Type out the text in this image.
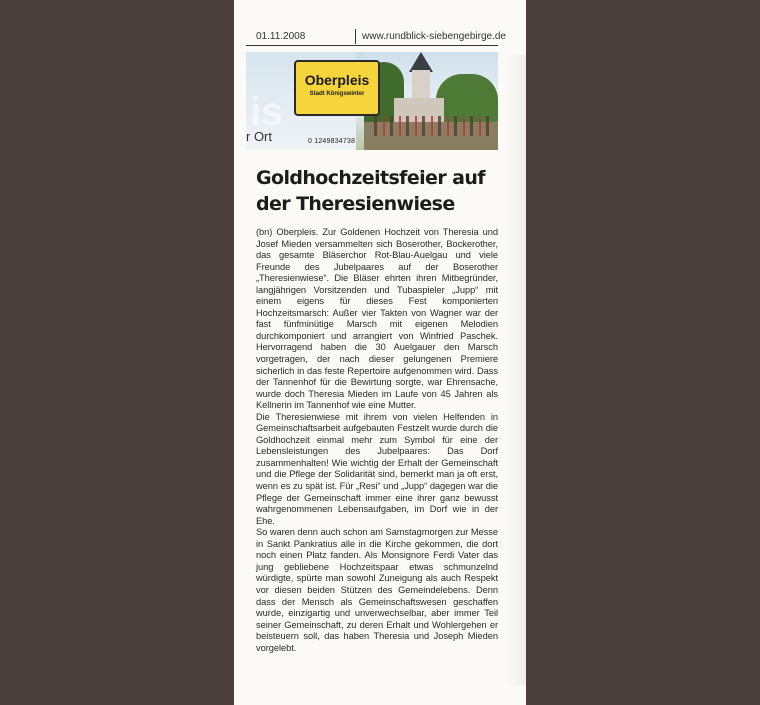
01.11.2008	www.rundblick-siebengebirge.de
is
r Ort	0 1249834738
Oberpleis
Stadt Königswinter
Goldhochzeitsfeier auf
der Theresienwiese

(bn) Oberpleis. Zur Goldenen Hochzeit von Theresia und Josef Mieden versammelten sich Boserother, Bockerother, das gesamte Bläserchor Rot-Blau-Auelgau und viele Freunde des Jubelpaares auf der Boserother „Theresienwiese“. Die Bläser ehrten ihren Mitbegründer, langjährigen Vorsitzenden und Tubaspieler „Jupp“ mit einem eigens für dieses Fest komponierten Hochzeitsmarsch: Außer vier Takten von Wagner war der fast fünfminütige Marsch mit eigenen Melodien durchkomponiert und arrangiert von Winfried Paschek. Hervorragend haben die 30 Auelgauer den Marsch vorgetragen, der nach dieser gelungenen Premiere sicherlich in das feste Repertoire aufgenommen wird. Dass der Tannenhof für die Bewirtung sorgte, war Ehrensache, wurde doch Theresia Mieden im Laufe von 45 Jahren als Kellnerin im Tannenhof wie eine Mutter.

Die Theresienwiese mit ihrem von vielen Helfenden in Gemeinschaftsarbeit aufgebauten Festzelt wurde durch die Goldhochzeit einmal mehr zum Symbol für eine der Lebensleistungen des Jubelpaares: Das Dorf zusammenhalten! Wie wichtig der Erhalt der Gemeinschaft und die Pflege der Solidarität sind, bemerkt man ja oft erst, wenn es zu spät ist. Für „Resi“ und „Jupp“ dagegen war die Pflege der Gemeinschaft immer eine ihrer ganz bewusst wahrgenommenen Lebensaufgaben, im Dorf wie in der Ehe.

So waren denn auch schon am Samstagmorgen zur Messe in Sankt Pankratius alle in die Kirche gekommen, die dort noch einen Platz fanden. Als Monsignore Ferdi Vater das jung gebliebene Hochzeitspaar etwas schmunzelnd würdigte, spürte man sowohl Zuneigung als auch Respekt vor diesen beiden Stützen des Gemeindelebens. Denn dass der Mensch als Gemeinschaftswesen geschaffen wurde, einzigartig und unverwechselbar, aber immer Teil seiner Gemeinschaft, zu deren Erhalt und Wohlergehen er beisteuern soll, das haben Theresia und Joseph Mieden vorgelebt.
